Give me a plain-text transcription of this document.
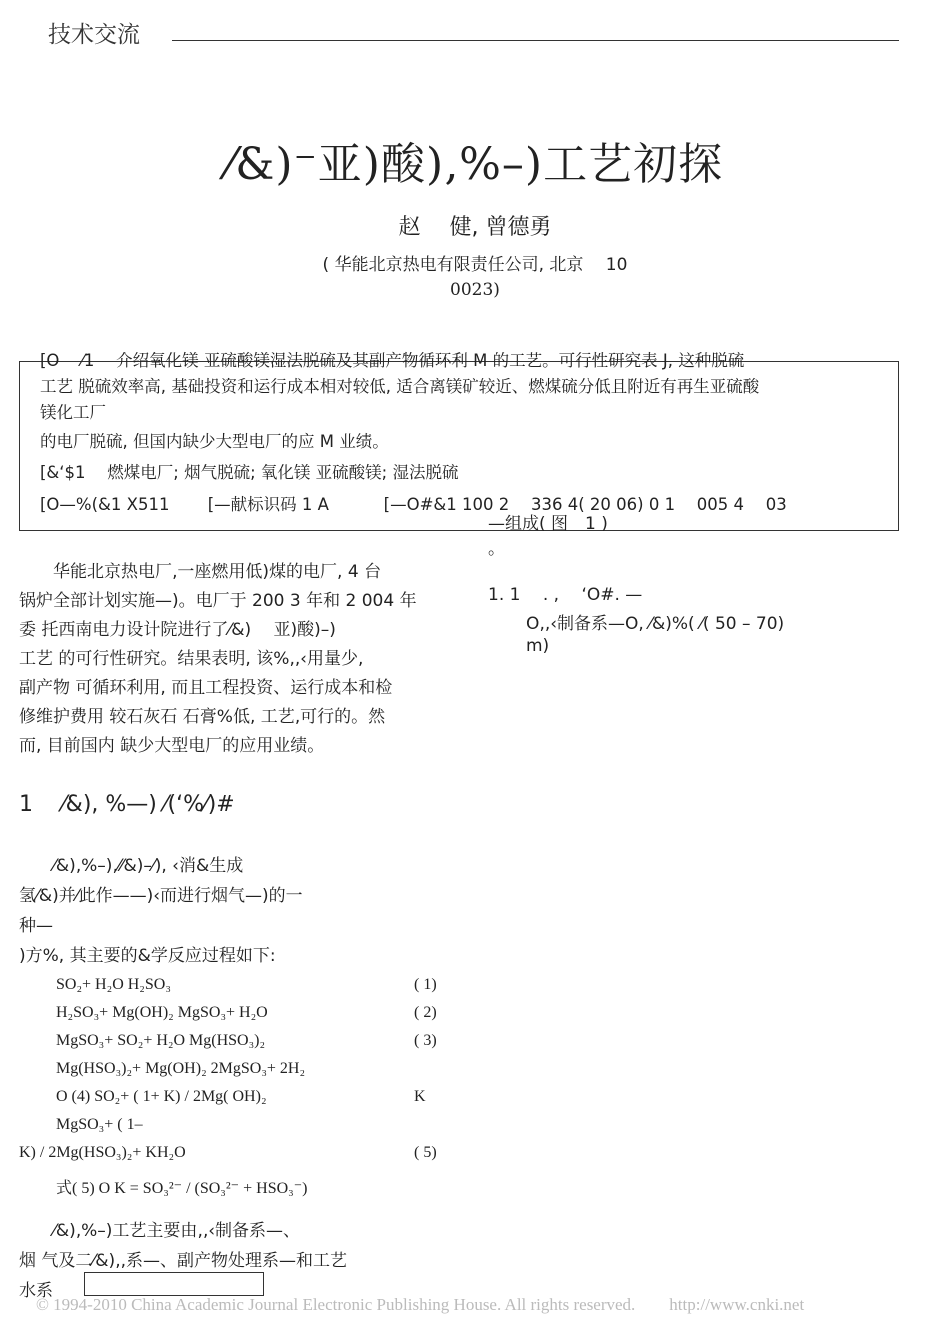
技术交流
⁄&)⁻亚)酸)‚%–)工艺初探
赵　 健, 曾德勇
( 华能北京热电有限责任公司, 北京　 10
0023)
[O　 ⁄1　 介绍氧化镁 亚硫酸镁湿法脱硫及其副产物循环利 M 的工艺。可行性研究表 J, 这种脱硫
工艺 脱硫效率高, 基础投资和运行成本相对较低, 适合离镁矿较近、燃煤硫分低且附近有再生亚硫酸
镁化工厂
的电厂脱硫, 但国内缺少大型电厂的应 M 业绩。
[&‘$1　 燃煤电厂; 烟气脱硫; 氧化镁 亚硫酸镁; 湿法脱硫
[O—%(&1 X511　　 [—献标识码 1 A　　　 [—O#&1 100 2　 336 4( 20 06) 0 1　 005 4　 03
—组成( 图　1 )
。
1. 1　 . ,　 ‘O#. —
O‚‚‹制备系—O, ⁄&)%( ⁄( 50 – 70)
m)
　　华能北京热电厂‚一座燃用低)煤的电厂, 4 台
锅炉全部计划实施—)。电厂于 200 3 年和 2 004 年
委 托西南电力设计院进行了⁄&)　 亚)酸)–)
工艺 的可行性研究。结果表明, 该%‚‚‹用量少,
副产物 可循环利用, 而且工程投资、运行成本和检
修维护费用 较石灰石 石膏%低, 工艺‚可行的。然
而, 目前国内 缺少大型电厂的应用业绩。
1　 ⁄&), %—) ⁄(‘%⁄)#
　　⁄&)‚%–)‚⁄⁄&)–⁄), ‹消&生成
氢⁄&)并⁄此作——)‹而进行烟气—)的一
种—
)方%, 其主要的&学反应过程如下:
SO₂+ H₂O H₂SO₃	( 1)
H₂SO₃+ Mg(OH)₂ MgSO₃+ H₂O	( 2)
MgSO₃+ SO₂+ H₂O Mg(HSO₃)₂	( 3)
Mg(HSO₃)₂+ Mg(OH)₂ 2MgSO₃+ 2H₂
O (4) SO₂+ ( 1+ K) / 2Mg( OH)₂	K
MgSO₃+ ( 1–
K) / 2Mg(HSO₃)₂+ KH₂O	( 5)
式( 5) O K = SO₃²⁻ / (SO₃²⁻ + HSO₃⁻)
　　⁄&)‚%–)工艺主要由‚‚‹制备系—、
烟 气及二⁄&)‚‚系—、副产物处理系—和工艺
水系
© 1994-2010 China Academic Journal Electronic Publishing House. All rights reserved.　　http://www.cnki.net
